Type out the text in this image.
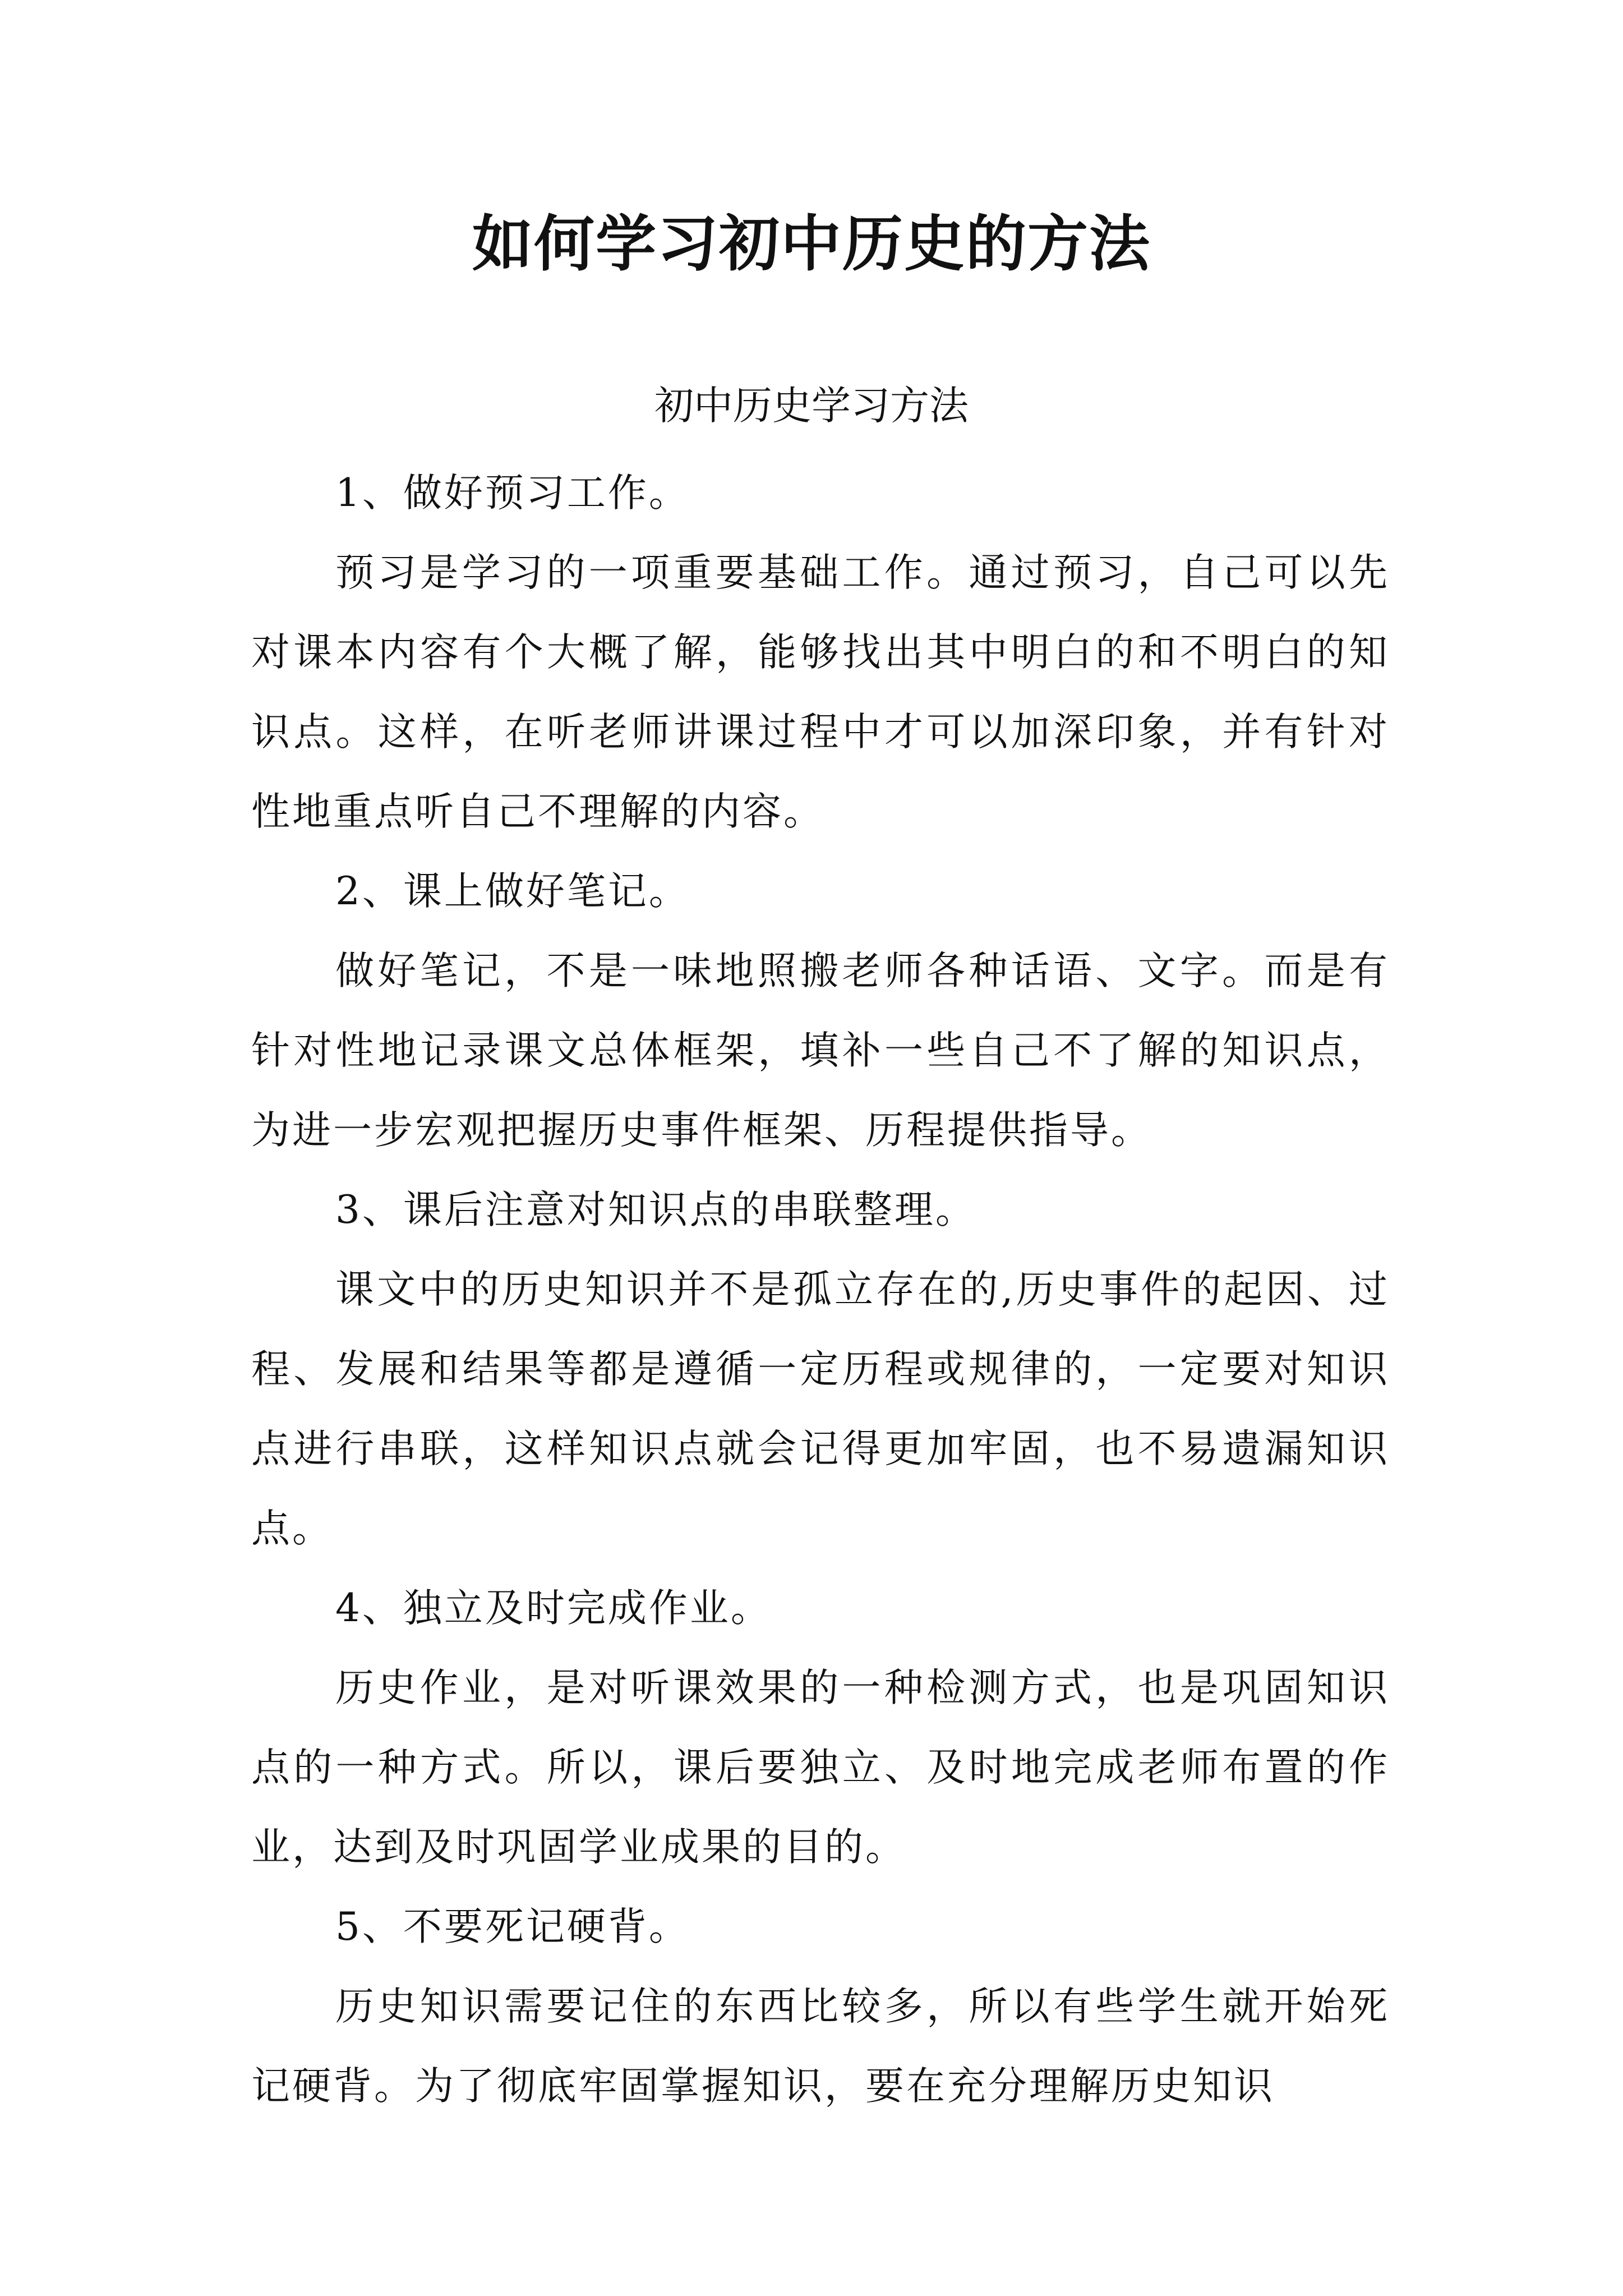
如何学习初中历史的方法
初中历史学习方法

1、做好预习工作。

预习是学习的一项重要基础工作。通过预习，自己可以先对课本内容有个大概了解，能够找出其中明白的和不明白的知识点。这样，在听老师讲课过程中才可以加深印象，并有针对性地重点听自己不理解的内容。

2、课上做好笔记。

做好笔记，不是一味地照搬老师各种话语、文字。而是有针对性地记录课文总体框架，填补一些自己不了解的知识点，为进一步宏观把握历史事件框架、历程提供指导。

3、课后注意对知识点的串联整理。

课文中的历史知识并不是孤立存在的,历史事件的起因、过程、发展和结果等都是遵循一定历程或规律的，一定要对知识点进行串联，这样知识点就会记得更加牢固，也不易遗漏知识点。

4、独立及时完成作业。

历史作业，是对听课效果的一种检测方式，也是巩固知识点的一种方式。所以，课后要独立、及时地完成老师布置的作业，达到及时巩固学业成果的目的。

5、不要死记硬背。

历史知识需要记住的东西比较多，所以有些学生就开始死记硬背。为了彻底牢固掌握知识，要在充分理解历史知识
